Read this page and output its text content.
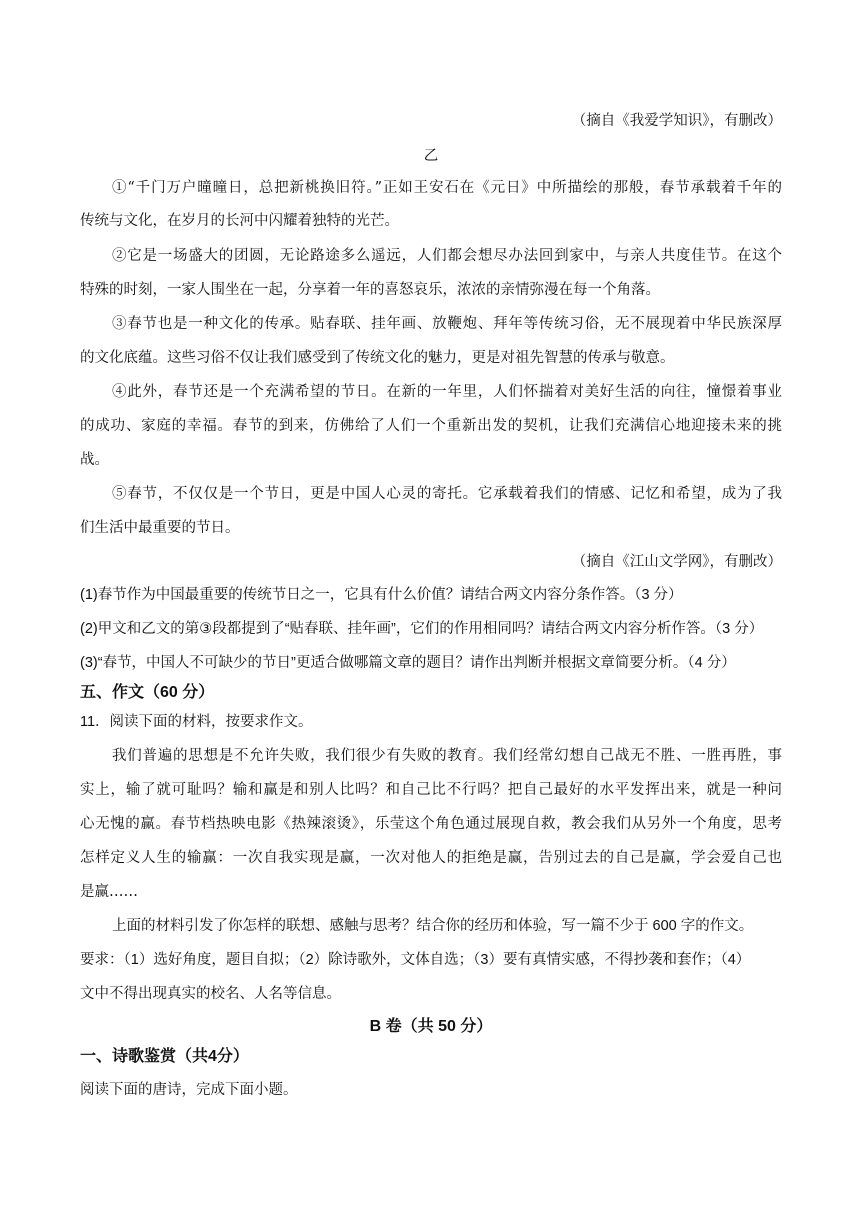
（摘自《我爱学知识》，有删改）
乙
①“千门万户曈曈日，总把新桃换旧符。”正如王安石在《元日》中所描绘的那般，春节承载着千年的
传统与文化，在岁月的长河中闪耀着独特的光芒。
②它是一场盛大的团圆，无论路途多么遥远，人们都会想尽办法回到家中，与亲人共度佳节。在这个
特殊的时刻，一家人围坐在一起，分享着一年的喜怒哀乐，浓浓的亲情弥漫在每一个角落。
③春节也是一种文化的传承。贴春联、挂年画、放鞭炮、拜年等传统习俗，无不展现着中华民族深厚
的文化底蕴。这些习俗不仅让我们感受到了传统文化的魅力，更是对祖先智慧的传承与敬意。
④此外，春节还是一个充满希望的节日。在新的一年里，人们怀揣着对美好生活的向往，憧憬着事业
的成功、家庭的幸福。春节的到来，仿佛给了人们一个重新出发的契机，让我们充满信心地迎接未来的挑
战。
⑤春节，不仅仅是一个节日，更是中国人心灵的寄托。它承载着我们的情感、记忆和希望，成为了我
们生活中最重要的节日。
（摘自《江山文学网》，有删改）
(1)春节作为中国最重要的传统节日之一，它具有什么价值？请结合两文内容分条作答。（3 分）
(2)甲文和乙文的第③段都提到了“贴春联、挂年画”，它们的作用相同吗？请结合两文内容分析作答。（3 分）
(3)“春节，中国人不可缺少的节日”更适合做哪篇文章的题目？请作出判断并根据文章简要分析。（4 分）
五、作文（60 分）
11．阅读下面的材料，按要求作文。
我们普遍的思想是不允许失败，我们很少有失败的教育。我们经常幻想自己战无不胜、一胜再胜，事
实上，输了就可耻吗？输和赢是和别人比吗？和自己比不行吗？把自己最好的水平发挥出来，就是一种问
心无愧的赢。春节档热映电影《热辣滚烫》，乐莹这个角色通过展现自救，教会我们从另外一个角度，思考
怎样定义人生的输赢：一次自我实现是赢，一次对他人的拒绝是赢，告别过去的自己是赢，学会爱自己也
是赢……
上面的材料引发了你怎样的联想、感触与思考？结合你的经历和体验，写一篇不少于 600 字的作文。
要求：（1）选好角度，题目自拟；（2）除诗歌外，文体自选；（3）要有真情实感，不得抄袭和套作；（4）
文中不得出现真实的校名、人名等信息。
B 卷（共 50 分）
一、诗歌鉴赏（共4分）
阅读下面的唐诗，完成下面小题。
